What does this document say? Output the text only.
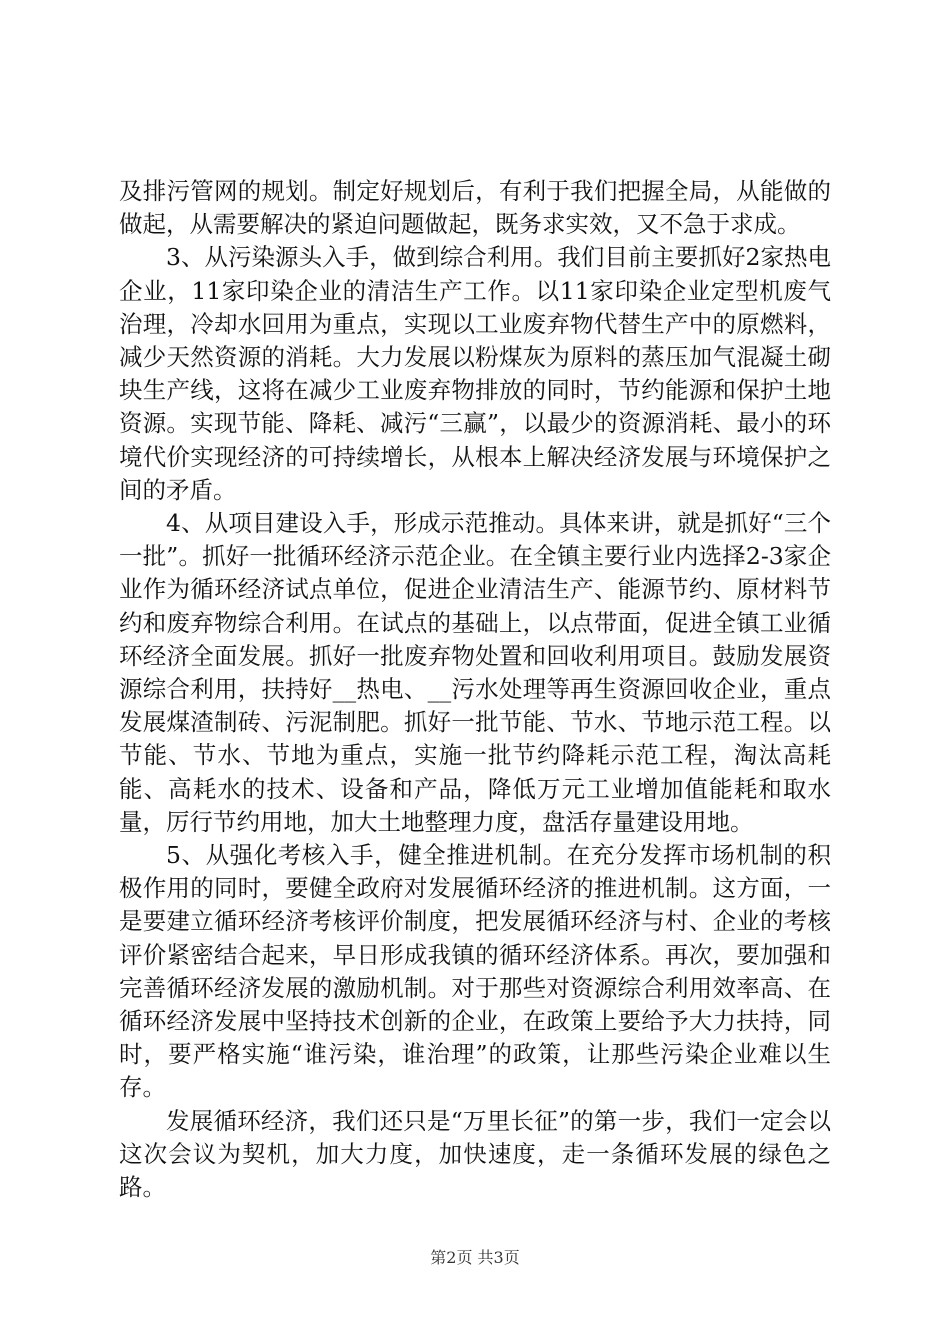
及排污管网的规划。制定好规划后，有利于我们把握全局，从能做的做起，从需要解决的紧迫问题做起，既务求实效，又不急于求成。

3、从污染源头入手，做到综合利用。我们目前主要抓好2家热电企业，11家印染企业的清洁生产工作。以11家印染企业定型机废气治理，冷却水回用为重点，实现以工业废弃物代替生产中的原燃料，减少天然资源的消耗。大力发展以粉煤灰为原料的蒸压加气混凝土砌块生产线，这将在减少工业废弃物排放的同时，节约能源和保护土地资源。实现节能、降耗、减污“三赢”，以最少的资源消耗、最小的环境代价实现经济的可持续增长，从根本上解决经济发展与环境保护之间的矛盾。

4、从项目建设入手，形成示范推动。具体来讲，就是抓好“三个一批”。抓好一批循环经济示范企业。在全镇主要行业内选择2-3家企业作为循环经济试点单位，促进企业清洁生产、能源节约、原材料节约和废弃物综合利用。在试点的基础上，以点带面，促进全镇工业循环经济全面发展。抓好一批废弃物处置和回收利用项目。鼓励发展资源综合利用，扶持好__热电、__污水处理等再生资源回收企业，重点发展煤渣制砖、污泥制肥。抓好一批节能、节水、节地示范工程。以节能、节水、节地为重点，实施一批节约降耗示范工程，淘汰高耗能、高耗水的技术、设备和产品，降低万元工业增加值能耗和取水量，厉行节约用地，加大土地整理力度，盘活存量建设用地。

5、从强化考核入手，健全推进机制。在充分发挥市场机制的积极作用的同时，要健全政府对发展循环经济的推进机制。这方面，一是要建立循环经济考核评价制度，把发展循环经济与村、企业的考核评价紧密结合起来，早日形成我镇的循环经济体系。再次，要加强和完善循环经济发展的激励机制。对于那些对资源综合利用效率高、在循环经济发展中坚持技术创新的企业，在政策上要给予大力扶持，同时，要严格实施“谁污染，谁治理”的政策，让那些污染企业难以生存。

发展循环经济，我们还只是“万里长征”的第一步，我们一定会以这次会议为契机，加大力度，加快速度，走一条循环发展的绿色之路。

第2页 共3页
